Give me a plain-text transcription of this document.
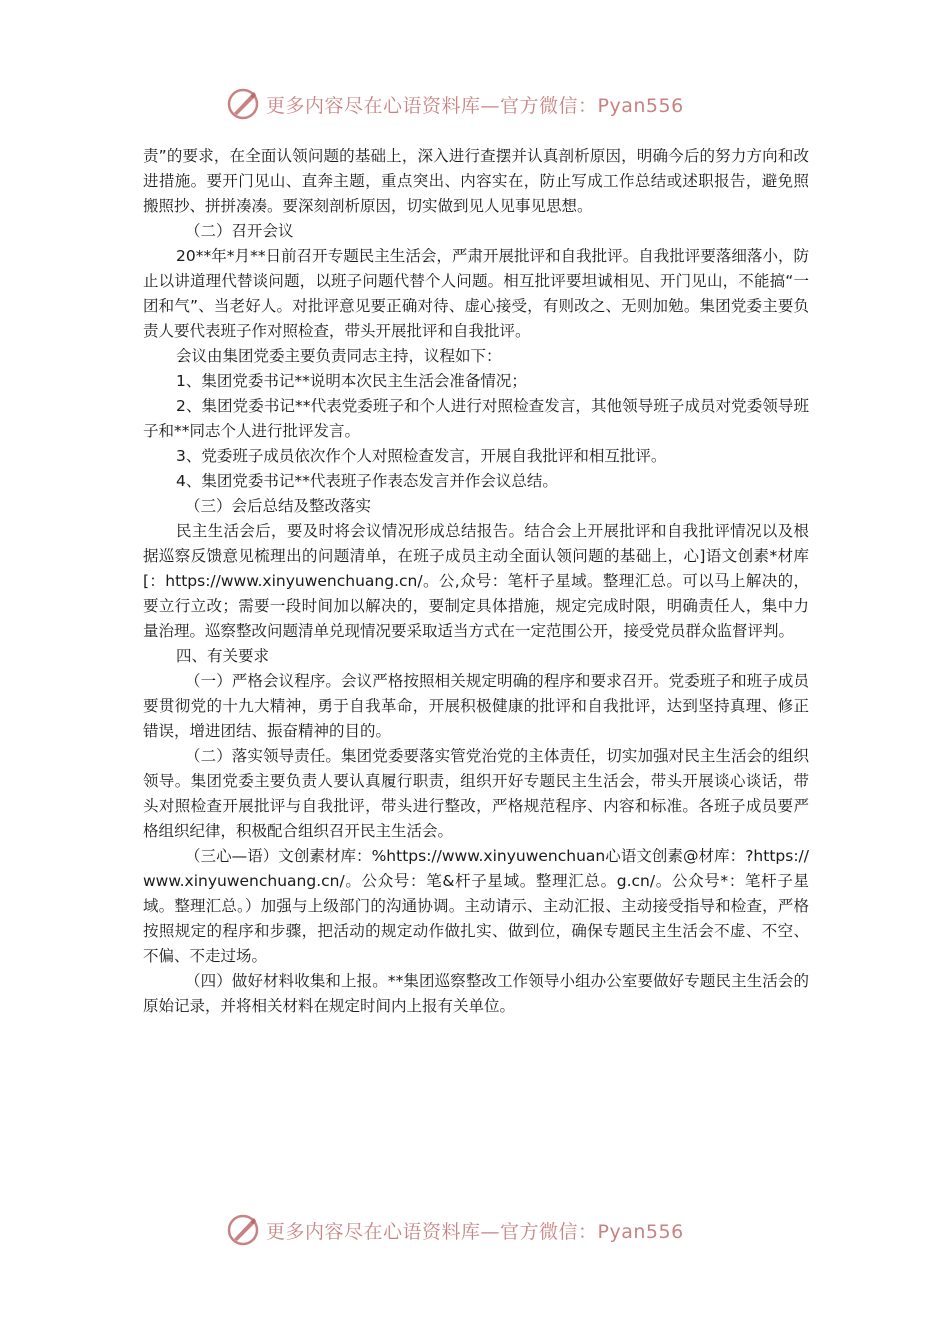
更多内容尽在心语资料库—官方微信：Pyan556

责”的要求，在全面认领问题的基础上，深入进行查摆并认真剖析原因，明确今后的努力方向和改进措施。要开门见山、直奔主题，重点突出、内容实在，防止写成工作总结或述职报告，避免照搬照抄、拼拼凑凑。要深刻剖析原因，切实做到见人见事见思想。

（二）召开会议

20**年*月**日前召开专题民主生活会，严肃开展批评和自我批评。自我批评要落细落小，防止以讲道理代替谈问题，以班子问题代替个人问题。相互批评要坦诚相见、开门见山，不能搞“一团和气”、当老好人。对批评意见要正确对待、虚心接受，有则改之、无则加勉。集团党委主要负责人要代表班子作对照检查，带头开展批评和自我批评。

会议由集团党委主要负责同志主持，议程如下：

1、集团党委书记**说明本次民主生活会准备情况；

2、集团党委书记**代表党委班子和个人进行对照检查发言，其他领导班子成员对党委领导班子和**同志个人进行批评发言。

3、党委班子成员依次作个人对照检查发言，开展自我批评和相互批评。

4、集团党委书记**代表班子作表态发言并作会议总结。

（三）会后总结及整改落实

民主生活会后，要及时将会议情况形成总结报告。结合会上开展批评和自我批评情况以及根据巡察反馈意见梳理出的问题清单，在班子成员主动全面认领问题的基础上，心]语文创素*材库[：https://www.xinyuwenchuang.cn/。公,众号：笔杆子星域。整理汇总。可以马上解决的，要立行立改；需要一段时间加以解决的，要制定具体措施，规定完成时限，明确责任人，集中力量治理。巡察整改问题清单兑现情况要采取适当方式在一定范围公开，接受党员群众监督评判。

四、有关要求

（一）严格会议程序。会议严格按照相关规定明确的程序和要求召开。党委班子和班子成员要贯彻党的十九大精神，勇于自我革命，开展积极健康的批评和自我批评，达到坚持真理、修正错误，增进团结、振奋精神的目的。

（二）落实领导责任。集团党委要落实管党治党的主体责任，切实加强对民主生活会的组织领导。集团党委主要负责人要认真履行职责，组织开好专题民主生活会，带头开展谈心谈话，带头对照检查开展批评与自我批评，带头进行整改，严格规范程序、内容和标准。各班子成员要严格组织纪律，积极配合组织召开民主生活会。

（三心—语）文创素材库：%https://www.xinyuwenchuan心语文创素@材库：?https://www.xinyuwenchuang.cn/。公众号：笔&杆子星域。整理汇总。g.cn/。公众号*：笔杆子星域。整理汇总。）加强与上级部门的沟通协调。主动请示、主动汇报、主动接受指导和检查，严格按照规定的程序和步骤，把活动的规定动作做扎实、做到位，确保专题民主生活会不虚、不空、不偏、不走过场。

（四）做好材料收集和上报。**集团巡察整改工作领导小组办公室要做好专题民主生活会的原始记录，并将相关材料在规定时间内上报有关单位。

更多内容尽在心语资料库—官方微信：Pyan556
